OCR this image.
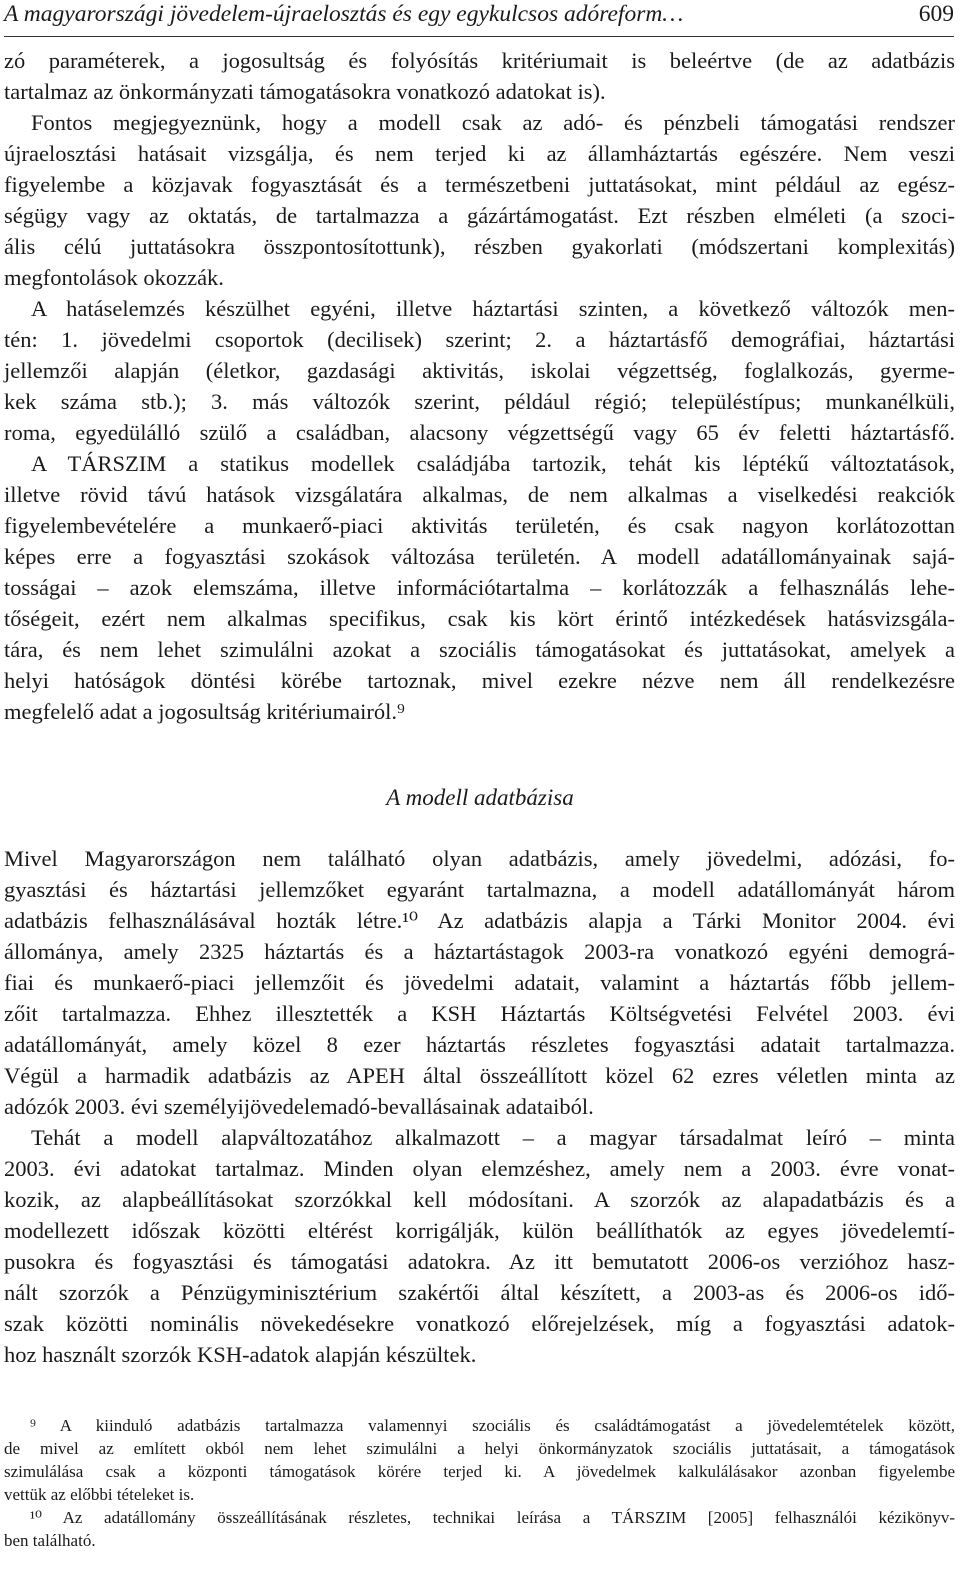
A magyarországi jövedelem-újraelosztás és egy egykulcsos adóreform…	609
zó paraméterek, a jogosultság és folyósítás kritériumait is beleértve (de az adatbázis
tartalmaz az önkormányzati támogatásokra vonatkozó adatokat is).
Fontos megjegyeznünk, hogy a modell csak az adó- és pénzbeli támogatási rendszer
újraelosztási hatásait vizsgálja, és nem terjed ki az államháztartás egészére. Nem veszi
figyelembe a közjavak fogyasztását és a természetbeni juttatásokat, mint például az egész-
ségügy vagy az oktatás, de tartalmazza a gázártámogatást. Ezt részben elméleti (a szoci-
ális célú juttatásokra összpontosítottunk), részben gyakorlati (módszertani komplexitás)
megfontolások okozzák.
A hatáselemzés készülhet egyéni, illetve háztartási szinten, a következő változók men-
tén: 1. jövedelmi csoportok (decilisek) szerint; 2. a háztartásfő demográfiai, háztartási
jellemzői alapján (életkor, gazdasági aktivitás, iskolai végzettség, foglalkozás, gyerme-
kek száma stb.); 3. más változók szerint, például régió; településtípus; munkanélküli,
roma, egyedülálló szülő a családban, alacsony végzettségű vagy 65 év feletti háztartásfő.
A TÁRSZIM a statikus modellek családjába tartozik, tehát kis léptékű változtatások,
illetve rövid távú hatások vizsgálatára alkalmas, de nem alkalmas a viselkedési reakciók
figyelembevételére a munkaerő-piaci aktivitás területén, és csak nagyon korlátozottan
képes erre a fogyasztási szokások változása területén. A modell adatállományainak sajá-
tosságai – azok elemszáma, illetve információtartalma – korlátozzák a felhasználás lehe-
tőségeit, ezért nem alkalmas specifikus, csak kis kört érintő intézkedések hatásvizsgála-
tára, és nem lehet szimulálni azokat a szociális támogatásokat és juttatásokat, amelyek a
helyi hatóságok döntési körébe tartoznak, mivel ezekre nézve nem áll rendelkezésre
megfelelő adat a jogosultság kritériumairól.⁹
A modell adatbázisa
Mivel Magyarországon nem található olyan adatbázis, amely jövedelmi, adózási, fo-
gyasztási és háztartási jellemzőket egyaránt tartalmazna, a modell adatállományát három
adatbázis felhasználásával hozták létre.¹⁰ Az adatbázis alapja a Tárki Monitor 2004. évi
állománya, amely 2325 háztartás és a háztartástagok 2003-ra vonatkozó egyéni demográ-
fiai és munkaerő-piaci jellemzőit és jövedelmi adatait, valamint a háztartás főbb jellem-
zőit tartalmazza. Ehhez illesztették a KSH Háztartás Költségvetési Felvétel 2003. évi
adatállományát, amely közel 8 ezer háztartás részletes fogyasztási adatait tartalmazza.
Végül a harmadik adatbázis az APEH által összeállított közel 62 ezres véletlen minta az
adózók 2003. évi személyijövedelemadó-bevallásainak adataiból.
Tehát a modell alapváltozatához alkalmazott – a magyar társadalmat leíró – minta
2003. évi adatokat tartalmaz. Minden olyan elemzéshez, amely nem a 2003. évre vonat-
kozik, az alapbeállításokat szorzókkal kell módosítani. A szorzók az alapadatbázis és a
modellezett időszak közötti eltérést korrigálják, külön beállíthatók az egyes jövedelemtí-
pusokra és fogyasztási és támogatási adatokra. Az itt bemutatott 2006-os verzióhoz hasz-
nált szorzók a Pénzügyminisztérium szakértői által készített, a 2003-as és 2006-os idő-
szak közötti nominális növekedésekre vonatkozó előrejelzések, míg a fogyasztási adatok-
hoz használt szorzók KSH-adatok alapján készültek.
⁹ A kiinduló adatbázis tartalmazza valamennyi szociális és családtámogatást a jövedelemtételek között,
de mivel az említett okból nem lehet szimulálni a helyi önkormányzatok szociális juttatásait, a támogatások
szimulálása csak a központi támogatások körére terjed ki. A jövedelmek kalkulálásakor azonban figyelembe
vettük az előbbi tételeket is.
¹⁰ Az adatállomány összeállításának részletes, technikai leírása a TÁRSZIM [2005] felhasználói kézikönyv-
ben található.
